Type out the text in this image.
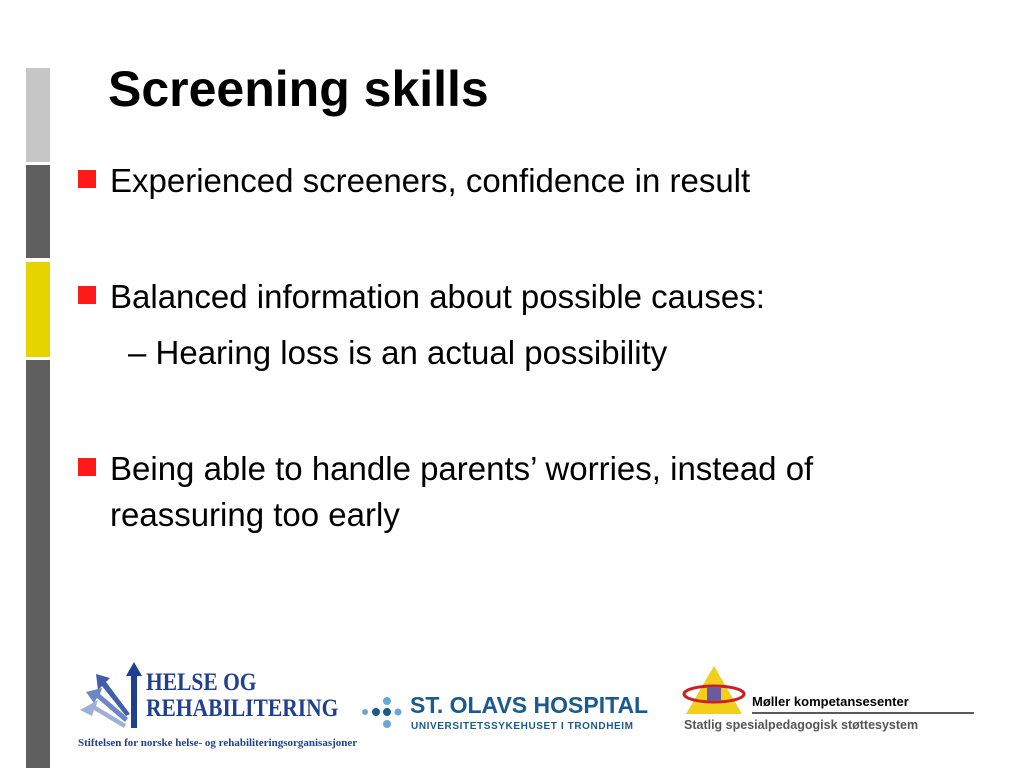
Screening skills
Experienced screeners, confidence in result
Balanced information about possible causes:
– Hearing loss is an actual possibility
Being able to handle parents’ worries, instead of reassuring too early
HELSE OG
REHABILITERING
Stiftelsen for norske helse- og rehabiliteringsorganisasjoner
ST. OLAVS HOSPITAL
UNIVERSITETSSYKEHUSET I TRONDHEIM
Møller kompetansesenter
Statlig spesialpedagogisk støttesystem
